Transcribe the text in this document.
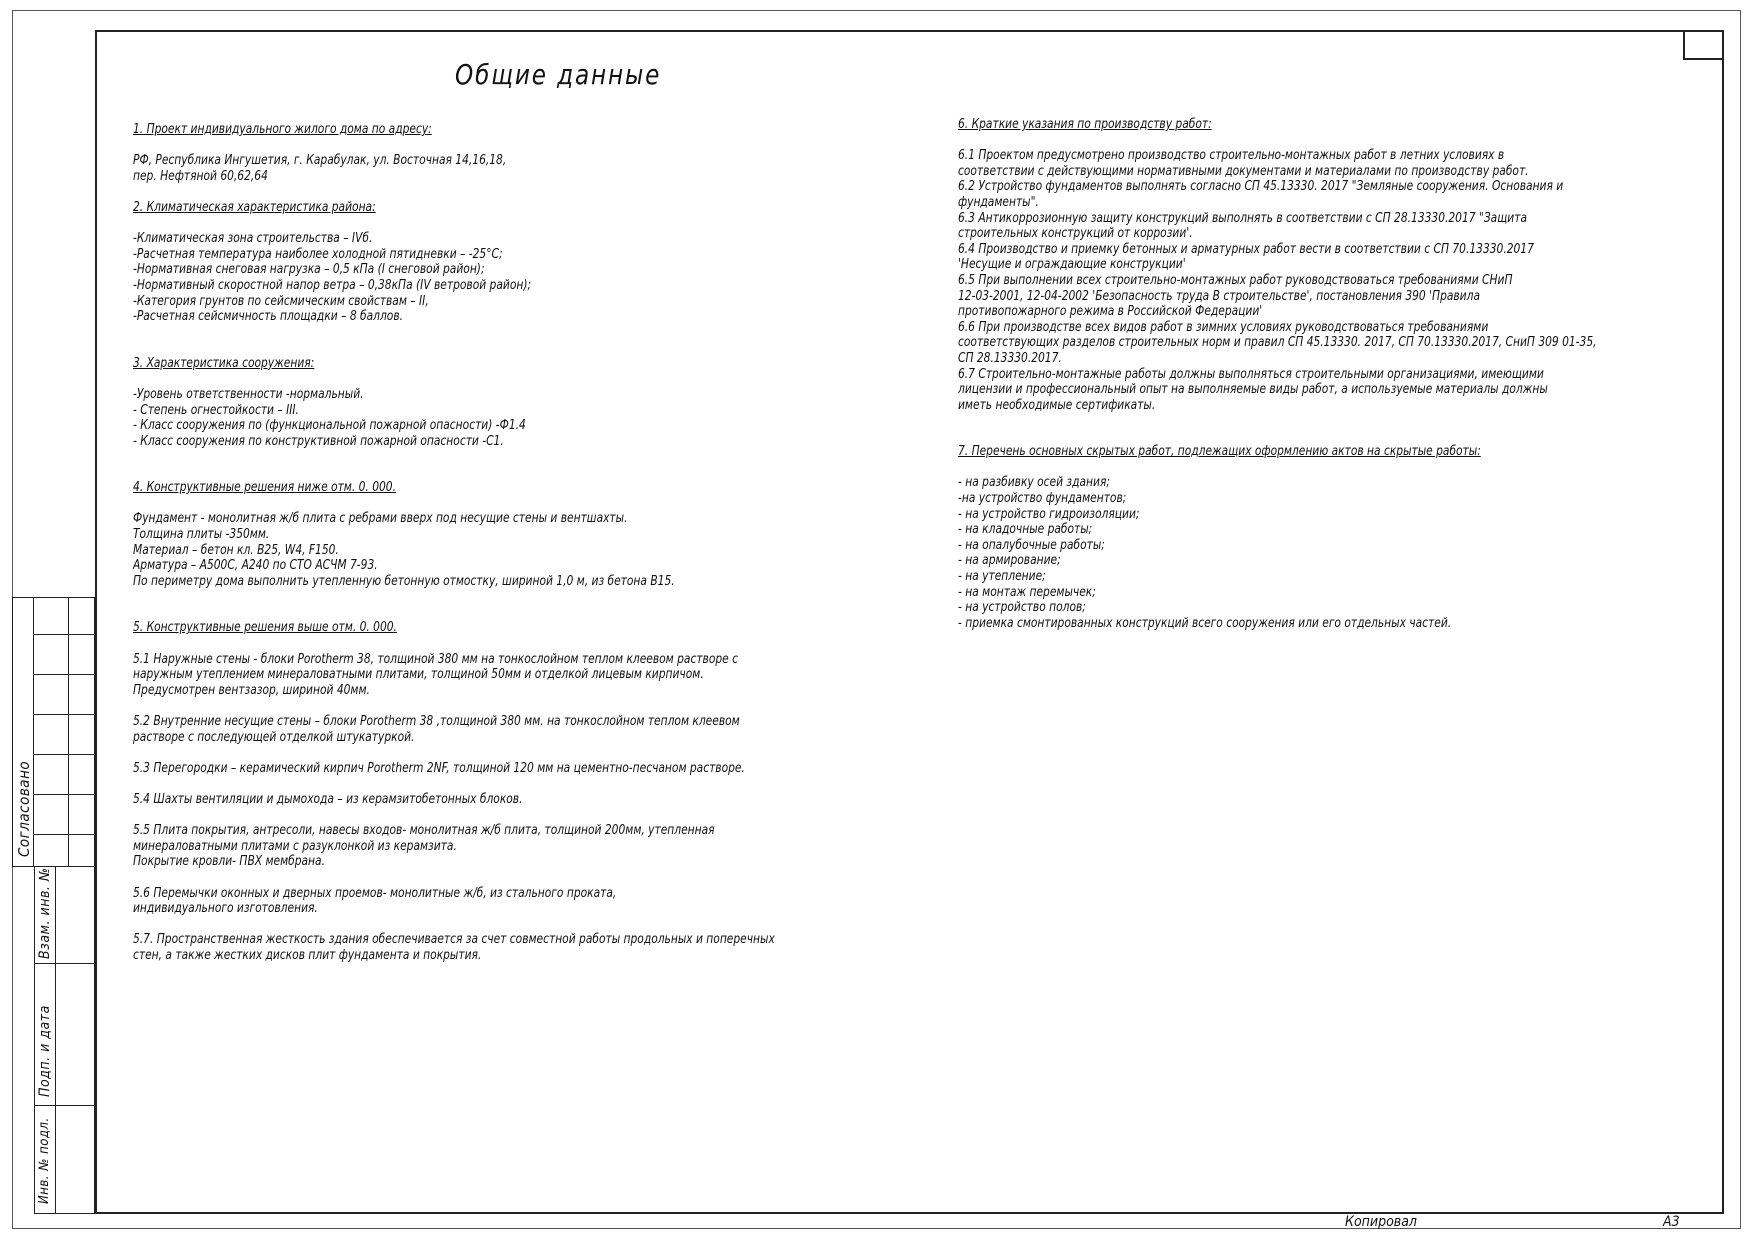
Согласовано
Взам. инв. №
Подп. и дата
Инв. № подл.
Общие данные

1. Проект индивидуального жилого дома по адресу:

РФ, Республика Ингушетия, г. Карабулак, ул. Восточная 14,16,18,

пер. Нефтяной 60,62,64

2. Климатическая характеристика района:

-Климатическая зона строительства – IVб.

-Расчетная температура наиболее холодной пятидневки – -25°С;

-Нормативная снеговая нагрузка – 0,5 кПа (I снеговой район);

-Нормативный скоростной напор ветра – 0,38кПа (IV ветровой район);

-Категория грунтов по сейсмическим свойствам – II,

-Расчетная сейсмичность площадки – 8 баллов.

3. Характеристика сооружения:

-Уровень ответственности -нормальный.

- Степень огнестойкости – III.

- Класс сооружения по (функциональной пожарной опасности) -Ф1.4

- Класс сооружения по конструктивной пожарной опасности -С1.

4. Конструктивные решения ниже отм. 0. 000.

Фундамент - монолитная ж/б плита с ребрами вверх под несущие стены и вентшахты.

Толщина плиты -350мм.

Материал – бетон кл. В25, W4, F150.

Арматура – А500С, А240 по СТО АСЧМ 7-93.

По периметру дома выполнить утепленную бетонную отмостку, шириной 1,0 м, из бетона В15.

5. Конструктивные решения выше отм. 0. 000.

5.1 Наружные стены - блоки Porotherm 38, толщиной 380 мм на тонкослойном теплом клеевом растворе с

наружным утеплением минераловатными плитами, толщиной 50мм и отделкой лицевым кирпичом.

Предусмотрен вентзазор, шириной 40мм.

5.2 Внутренние несущие стены – блоки Porotherm 38 ,толщиной 380 мм. на тонкослойном теплом клеевом

растворе с последующей отделкой штукатуркой.

5.3 Перегородки – керамический кирпич Porotherm 2NF, толщиной 120 мм на цементно-песчаном растворе.

5.4 Шахты вентиляции и дымохода – из керамзитобетонных блоков.

5.5 Плита покрытия, антресоли, навесы входов- монолитная ж/б плита, толщиной 200мм, утепленная

минераловатными плитами с разуклонкой из керамзита.

Покрытие кровли- ПВХ мембрана.

5.6 Перемычки оконных и дверных проемов- монолитные ж/б, из стального проката,

индивидуального изготовления.

5.7. Пространственная жесткость здания обеспечивается за счет совместной работы продольных и поперечных

стен, а также жестких дисков плит фундамента и покрытия.

6. Краткие указания по производству работ:

6.1 Проектом предусмотрено производство строительно-монтажных работ в летних условиях в

соответствии с действующими нормативными документами и материалами по производству работ.

6.2 Устройство фундаментов выполнять согласно СП 45.13330. 2017 "Земляные сооружения. Основания и

фундаменты".

6.3 Антикоррозионную защиту конструкций выполнять в соответствии с СП 28.13330.2017 "Защита

строительных конструкций от коррозии'.

6.4 Производство и приемку бетонных и арматурных работ вести в соответствии с СП 70.13330.2017

'Несущие и ограждающие конструкции'

6.5 При выполнении всех строительно-монтажных работ руководствоваться требованиями СНиП

12-03-2001, 12-04-2002 'Безопасность труда В строительстве', постановления 390 'Правила

противопожарного режима в Российской Федерации'

6.6 При производстве всех видов работ в зимних условиях руководствоваться требованиями

соответствующих разделов строительных норм и правил СП 45.13330. 2017, СП 70.13330.2017, СниП 309 01-35,

СП 28.13330.2017.

6.7 Строительно-монтажные работы должны выполняться строительными организациями, имеющими

лицензии и профессиональный опыт на выполняемые виды работ, а используемые материалы должны

иметь необходимые сертификаты.

7. Перечень основных скрытых работ, подлежащих оформлению актов на скрытые работы:

- на разбивку осей здания;

-на устройство фундаментов;

- на устройство гидроизоляции;

- на кладочные работы;

- на опалубочные работы;

- на армирование;

- на утепление;

- на монтаж перемычек;

- на устройство полов;

- приемка смонтированных конструкций всего сооружения или его отдельных частей.

Копировал	А3
